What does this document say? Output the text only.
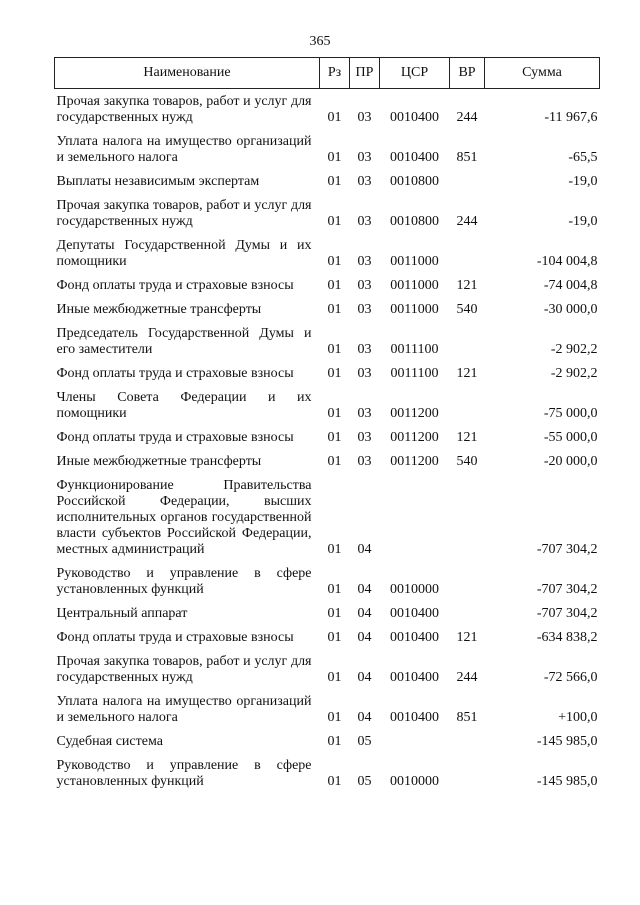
365
Наименование	Рз	ПР	ЦСР	ВР	Сумма

Прочая закупка товаров, работ и услуг для государственных нужд	01	03	0010400	244	-11 967,6

Уплата налога на имущество организаций и земельного налога	01	03	0010400	851	-65,5

Выплаты независимым экспертам	01	03	0010800		-19,0

Прочая закупка товаров, работ и услуг для государственных нужд	01	03	0010800	244	-19,0

Депутаты Государственной Думы и их помощники	01	03	0011000		-104 004,8

Фонд оплаты труда и страховые взносы	01	03	0011000	121	-74 004,8

Иные межбюджетные трансферты	01	03	0011000	540	-30 000,0

Председатель Государственной Думы и его заместители	01	03	0011100		-2 902,2

Фонд оплаты труда и страховые взносы	01	03	0011100	121	-2 902,2

Члены Совета Федерации и их помощники	01	03	0011200		-75 000,0

Фонд оплаты труда и страховые взносы	01	03	0011200	121	-55 000,0

Иные межбюджетные трансферты	01	03	0011200	540	-20 000,0

Функционирование Правительства Российской Федерации, высших исполнительных органов государственной власти субъектов Российской Федерации, местных администраций	01	04			-707 304,2

Руководство и управление в сфере установленных функций	01	04	0010000		-707 304,2

Центральный аппарат	01	04	0010400		-707 304,2

Фонд оплаты труда и страховые взносы	01	04	0010400	121	-634 838,2

Прочая закупка товаров, работ и услуг для государственных нужд	01	04	0010400	244	-72 566,0

Уплата налога на имущество организаций и земельного налога	01	04	0010400	851	+100,0

Судебная система	01	05			-145 985,0

Руководство и управление в сфере установленных функций	01	05	0010000		-145 985,0
